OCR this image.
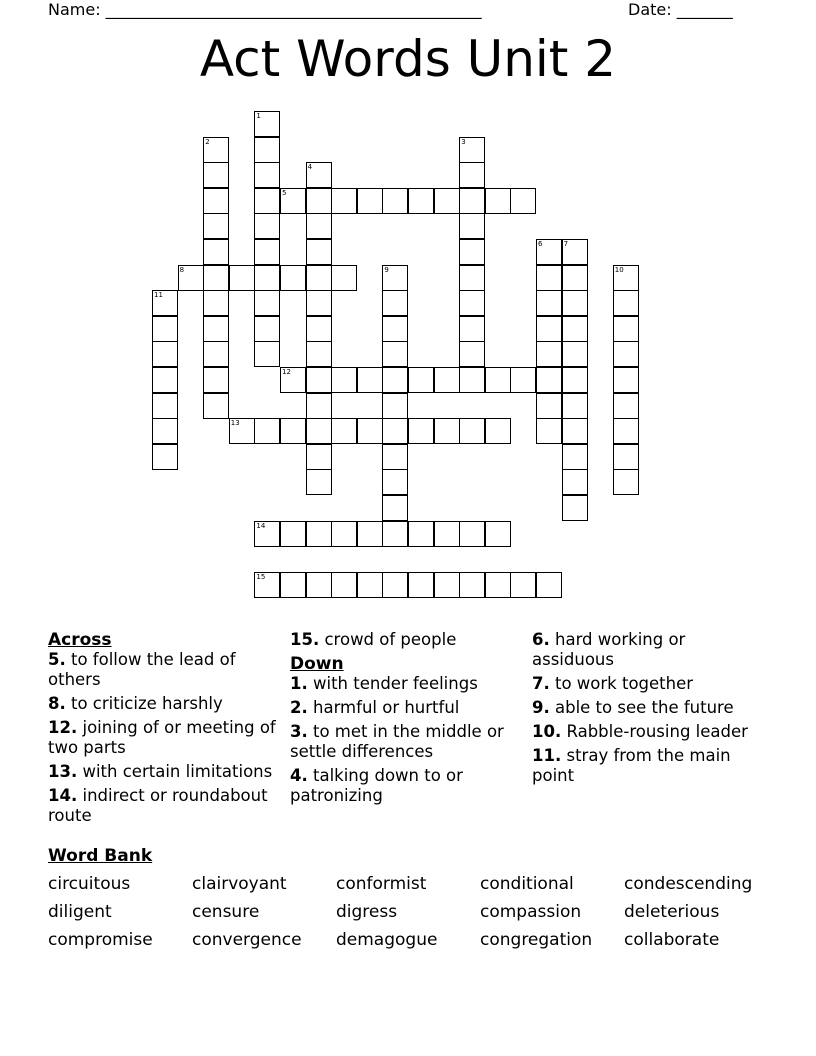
Name: _______________________________________________	Date: _______
Act Words Unit 2
1
2	3
4
5
6	7
8	9	10
11
12
13
14
15
Across
5. to follow the lead of others
8. to criticize harshly
12. joining of or meeting of two parts
13. with certain limitations
14. indirect or roundabout route
15. crowd of people
Down
1. with tender feelings
2. harmful or hurtful
3. to met in the middle or settle differences
4. talking down to or patronizing
6. hard working or assiduous
7. to work together
9. able to see the future
10. Rabble-rousing leader
11. stray from the main point
Word Bank
circuitous	clairvoyant	conformist	conditional	condescending
diligent	censure	digress	compassion	deleterious
compromise	convergence	demagogue	congregation	collaborate
